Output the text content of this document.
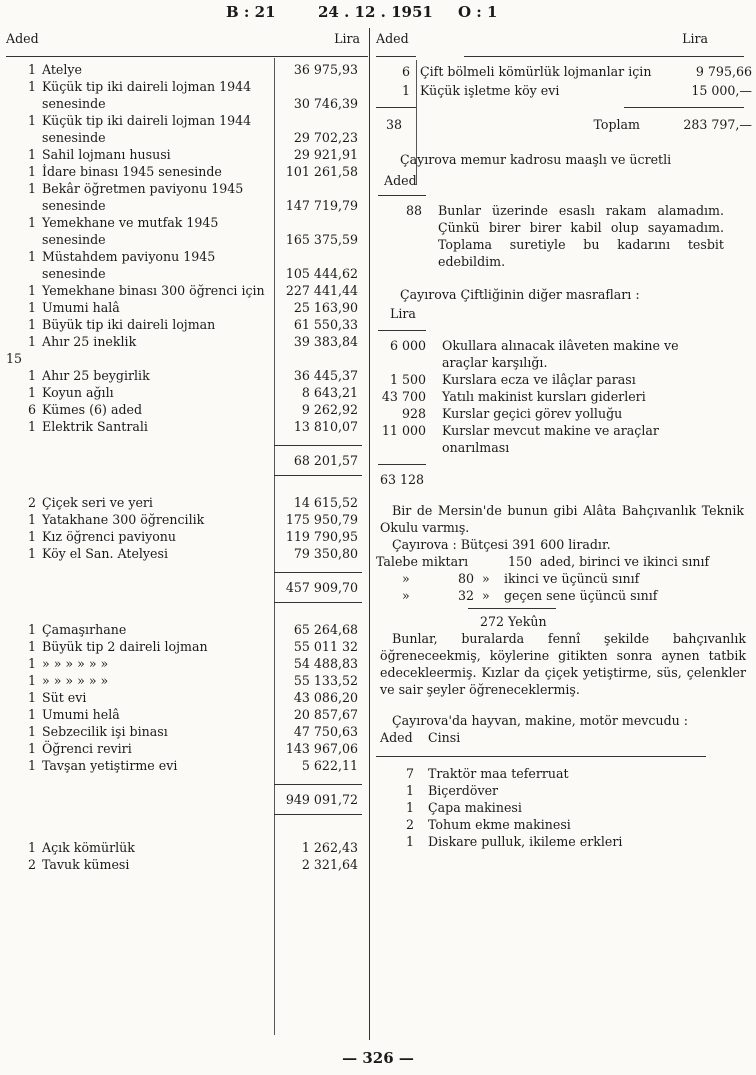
B : 21	24 . 12 . 1951 O : 1
Aded	Lira
1 Atelye	36 975,93
1 Küçük tip iki daireli lojman 1944 senesinde	30 746,39
1 Küçük tip iki daireli lojman 1944 senesinde	29 702,23
1 Sahil lojmanı hususi	29 921,91
1 İdare binası 1945 senesinde	101 261,58
1 Bekâr öğretmen paviyonu 1945 senesinde	147 719,79
1 Yemekhane ve mutfak 1945 senesinde	165 375,59
1 Müstahdem paviyonu 1945 senesinde	105 444,62
1 Yemekhane binası 300 öğrenci için	227 441,44
1 Umumi halâ	25 163,90
1 Büyük tip iki daireli lojman	61 550,33
1 Ahır 25 ineklik	39 383,84
15
1 Ahır 25 beygirlik	36 445,37
1 Koyun ağılı	8 643,21
6 Kümes (6) aded	9 262,92
1 Elektrik Santrali	13 810,07
68 201,57
2 Çiçek seri ve yeri	14 615,52
1 Yatakhane 300 öğrencilik	175 950,79
1 Kız öğrenci paviyonu	119 790,95
1 Köy el San. Atelyesi	79 350,80
457 909,70
1 Çamaşırhane	65 264,68
1 Büyük tip 2 daireli lojman	55 011 32
1 » » » » » »	54 488,83
1 » » » » » »	55 133,52
1 Süt evi	43 086,20
1 Umumi helâ	20 857,67
1 Sebzecilik işi binası	47 750,63
1 Öğrenci reviri	143 967,06
1 Tavşan yetiştirme evi	5 622,11
949 091,72
1 Açık kömürlük	1 262,43
2 Tavuk kümesi	2 321,64
Aded	Lira
6 Çift bölmeli kömürlük lojmanlar için	9 795,66
1 Küçük işletme köy evi	15 000,—
38	Toplam	283 797,—
Çayırova memur kadrosu maaşlı ve ücretli
Aded
88	Bunlar üzerinde esaslı rakam alamadım. Çünkü birer birer kabil olup sayamadım. Toplama suretiyle bu kadarını tesbit edebildim.
Çayırova Çiftliğinin diğer masrafları :
Lira
6 000	Okullara alınacak ilâveten makine ve araçlar karşılığı.
1 500	Kurslara ecza ve ilâçlar parası
43 700	Yatılı makinist kursları giderleri
928	Kurslar geçici görev yolluğu
11 000	Kurslar mevcut makine ve araçlar onarılması
63 128
Bir de Mersin'de bunun gibi Alâta Bahçıvanlık Teknik Okulu varmış.
Çayırova : Bütçesi 391 600 liradır.
Talebe miktarı	150 aded, birinci ve ikinci sınıf
»	80 »	ikinci ve üçüncü sınıf
»	32 »	geçen sene üçüncü sınıf
272 Yekûn
Bunlar, buralarda fennî şekilde bahçıvanlık öğreneceekmiş, köylerine gitikten sonra aynen tatbik edecekleermiş. Kızlar da çiçek yetiştirme, süs, çelenkler ve sair şeyler öğreneceklermiş.
Çayırova'da hayvan, makine, motör mevcudu :
Aded	Cinsi
7	Traktör maa teferruat
1	Biçerdöver
1	Çapa makinesi
2	Tohum ekme makinesi
1	Diskare pulluk, ikileme erkleri
— 326 —
